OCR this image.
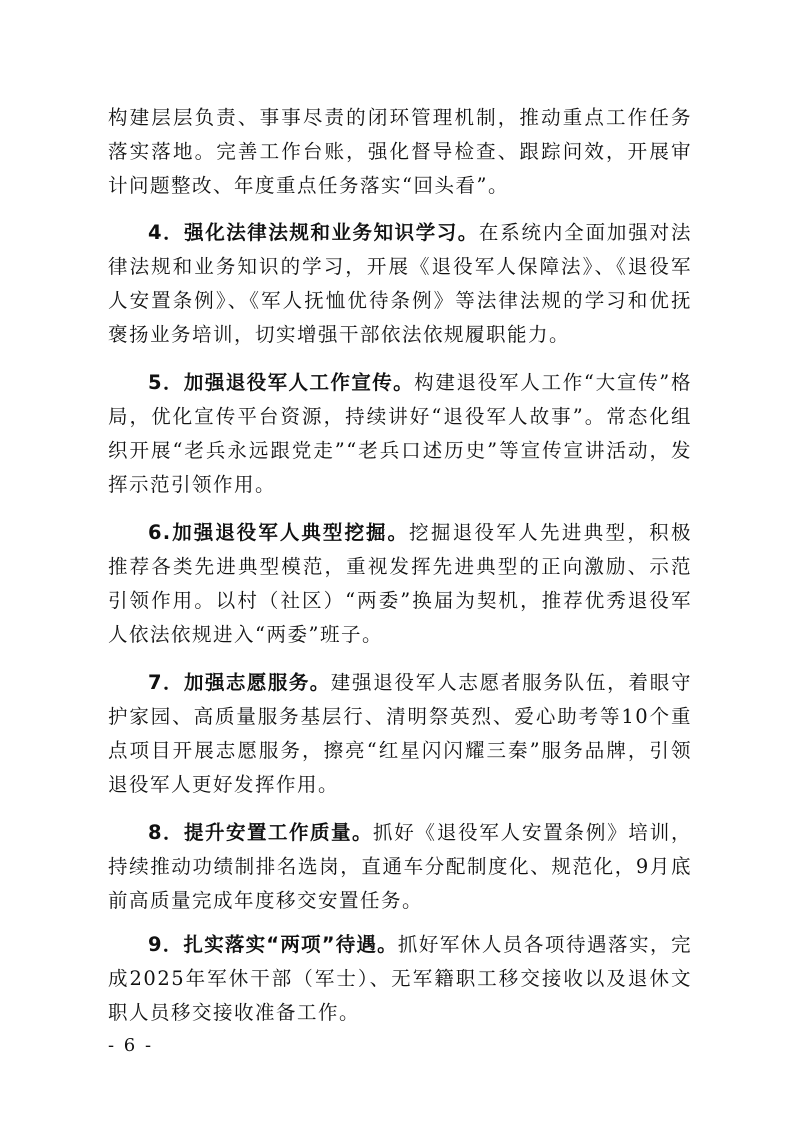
构建层层负责、事事尽责的闭环管理机制，推动重点工作任务落实落地。完善工作台账，强化督导检查、跟踪问效，开展审计问题整改、年度重点任务落实“回头看”。

4．强化法律法规和业务知识学习。在系统内全面加强对法律法规和业务知识的学习，开展《退役军人保障法》、《退役军人安置条例》、《军人抚恤优待条例》等法律法规的学习和优抚褒扬业务培训，切实增强干部依法依规履职能力。

5．加强退役军人工作宣传。构建退役军人工作“大宣传”格局，优化宣传平台资源，持续讲好“退役军人故事”。常态化组织开展“老兵永远跟党走”“老兵口述历史”等宣传宣讲活动，发挥示范引领作用。

6.加强退役军人典型挖掘。挖掘退役军人先进典型，积极推荐各类先进典型模范，重视发挥先进典型的正向激励、示范引领作用。以村（社区）“两委”换届为契机，推荐优秀退役军人依法依规进入“两委”班子。

7．加强志愿服务。建强退役军人志愿者服务队伍，着眼守护家园、高质量服务基层行、清明祭英烈、爱心助考等10个重点项目开展志愿服务，擦亮“红星闪闪耀三秦”服务品牌，引领退役军人更好发挥作用。

8．提升安置工作质量。抓好《退役军人安置条例》培训，持续推动功绩制排名选岗，直通车分配制度化、规范化，9月底前高质量完成年度移交安置任务。

9．扎实落实“两项”待遇。抓好军休人员各项待遇落实，完成2025年军休干部（军士）、无军籍职工移交接收以及退休文职人员移交接收准备工作。

- 6 -
